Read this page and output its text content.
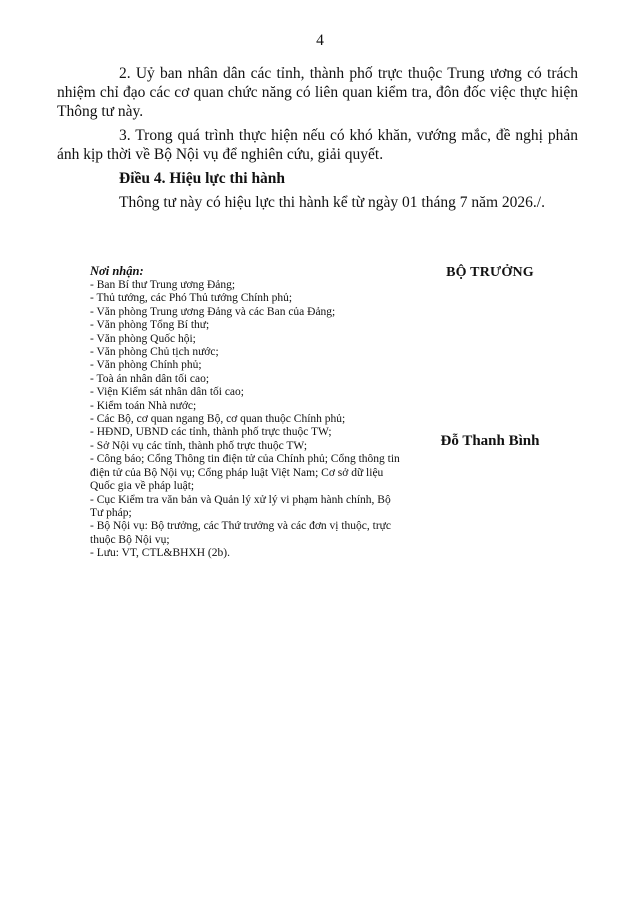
4

2. Uỷ ban nhân dân các tỉnh, thành phố trực thuộc Trung ương có trách nhiệm chỉ đạo các cơ quan chức năng có liên quan kiểm tra, đôn đốc việc thực hiện Thông tư này.

3. Trong quá trình thực hiện nếu có khó khăn, vướng mắc, đề nghị phản ánh kịp thời về Bộ Nội vụ để nghiên cứu, giải quyết.

Điều 4. Hiệu lực thi hành

Thông tư này có hiệu lực thi hành kể từ ngày 01 tháng 7 năm 2026./.

Nơi nhận:

- Ban Bí thư Trung ương Đảng;
- Thủ tướng, các Phó Thủ tướng Chính phủ;
- Văn phòng Trung ương Đảng và các Ban của Đảng;
- Văn phòng Tổng Bí thư;
- Văn phòng Quốc hội;
- Văn phòng Chủ tịch nước;
- Văn phòng Chính phủ;
- Toà án nhân dân tối cao;
- Viện Kiểm sát nhân dân tối cao;
- Kiểm toán Nhà nước;
- Các Bộ, cơ quan ngang Bộ, cơ quan thuộc Chính phủ;
- HĐND, UBND các tỉnh, thành phố trực thuộc TW;
- Sở Nội vụ các tỉnh, thành phố trực thuộc TW;
- Công báo; Cổng Thông tin điện tử của Chính phủ; Cổng thông tin điện tử của Bộ Nội vụ; Cổng pháp luật Việt Nam; Cơ sở dữ liệu Quốc gia về pháp luật;
- Cục Kiểm tra văn bản và Quản lý xử lý vi phạm hành chính, Bộ Tư pháp;
- Bộ Nội vụ: Bộ trưởng, các Thứ trưởng và các đơn vị thuộc, trực thuộc Bộ Nội vụ;
- Lưu: VT, CTL&BHXH (2b).

BỘ TRƯỞNG

Đỗ Thanh Bình
